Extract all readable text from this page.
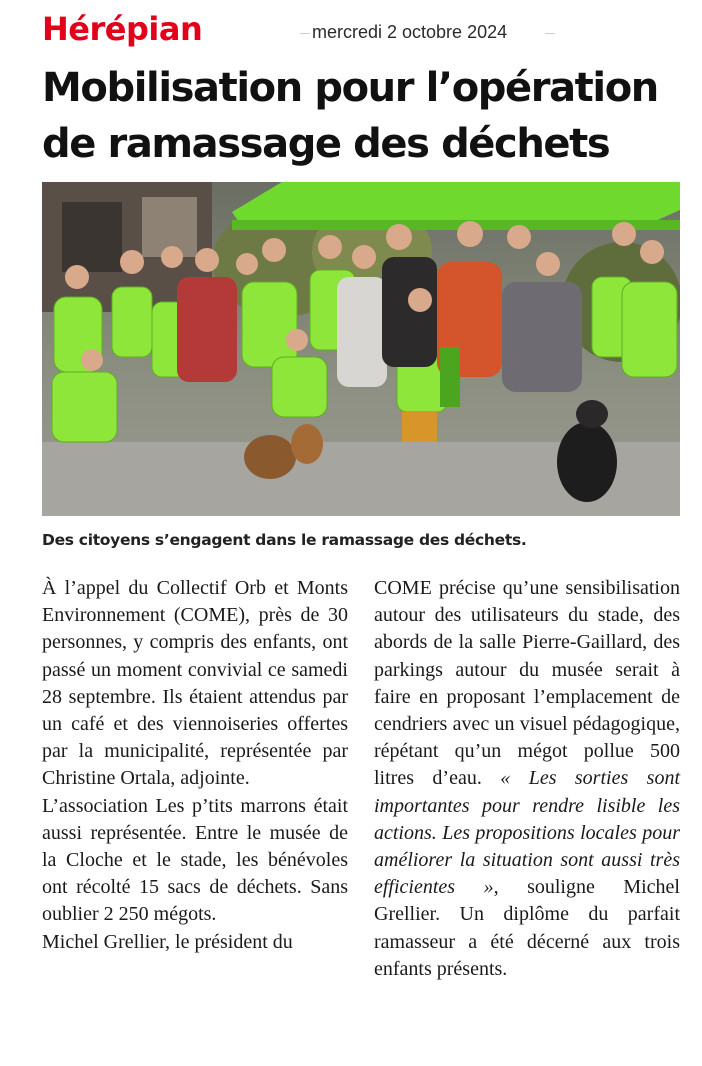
Hérépian	mercredi 2 octobre 2024
Mobilisation pour l’opération de ramassage des déchets
Des citoyens s’engagent dans le ramassage des déchets.

À l’appel du Collectif Orb et Monts Environnement (COME), près de 30 personnes, y compris des enfants, ont passé un moment convivial ce samedi 28 septembre. Ils étaient attendus par un café et des viennoiseries offertes par la municipalité, représentée par Christine Ortala, adjointe.

L’association Les p’tits marrons était aussi représentée. Entre le musée de la Cloche et le stade, les bénévoles ont récolté 15 sacs de déchets. Sans oublier 2 250 mégots.

Michel Grellier, le président du

COME précise qu’une sensibilisation autour des utilisateurs du stade, des abords de la salle Pierre-Gaillard, des parkings autour du musée serait à faire en proposant l’emplacement de cendriers avec un visuel pédagogique, répétant qu’un mégot pollue 500 litres d’eau. « Les sorties sont importantes pour rendre lisible les actions. Les propositions locales pour améliorer la situation sont aussi très efficientes », souligne Michel Grellier. Un diplôme du parfait ramasseur a été décerné aux trois enfants présents.
